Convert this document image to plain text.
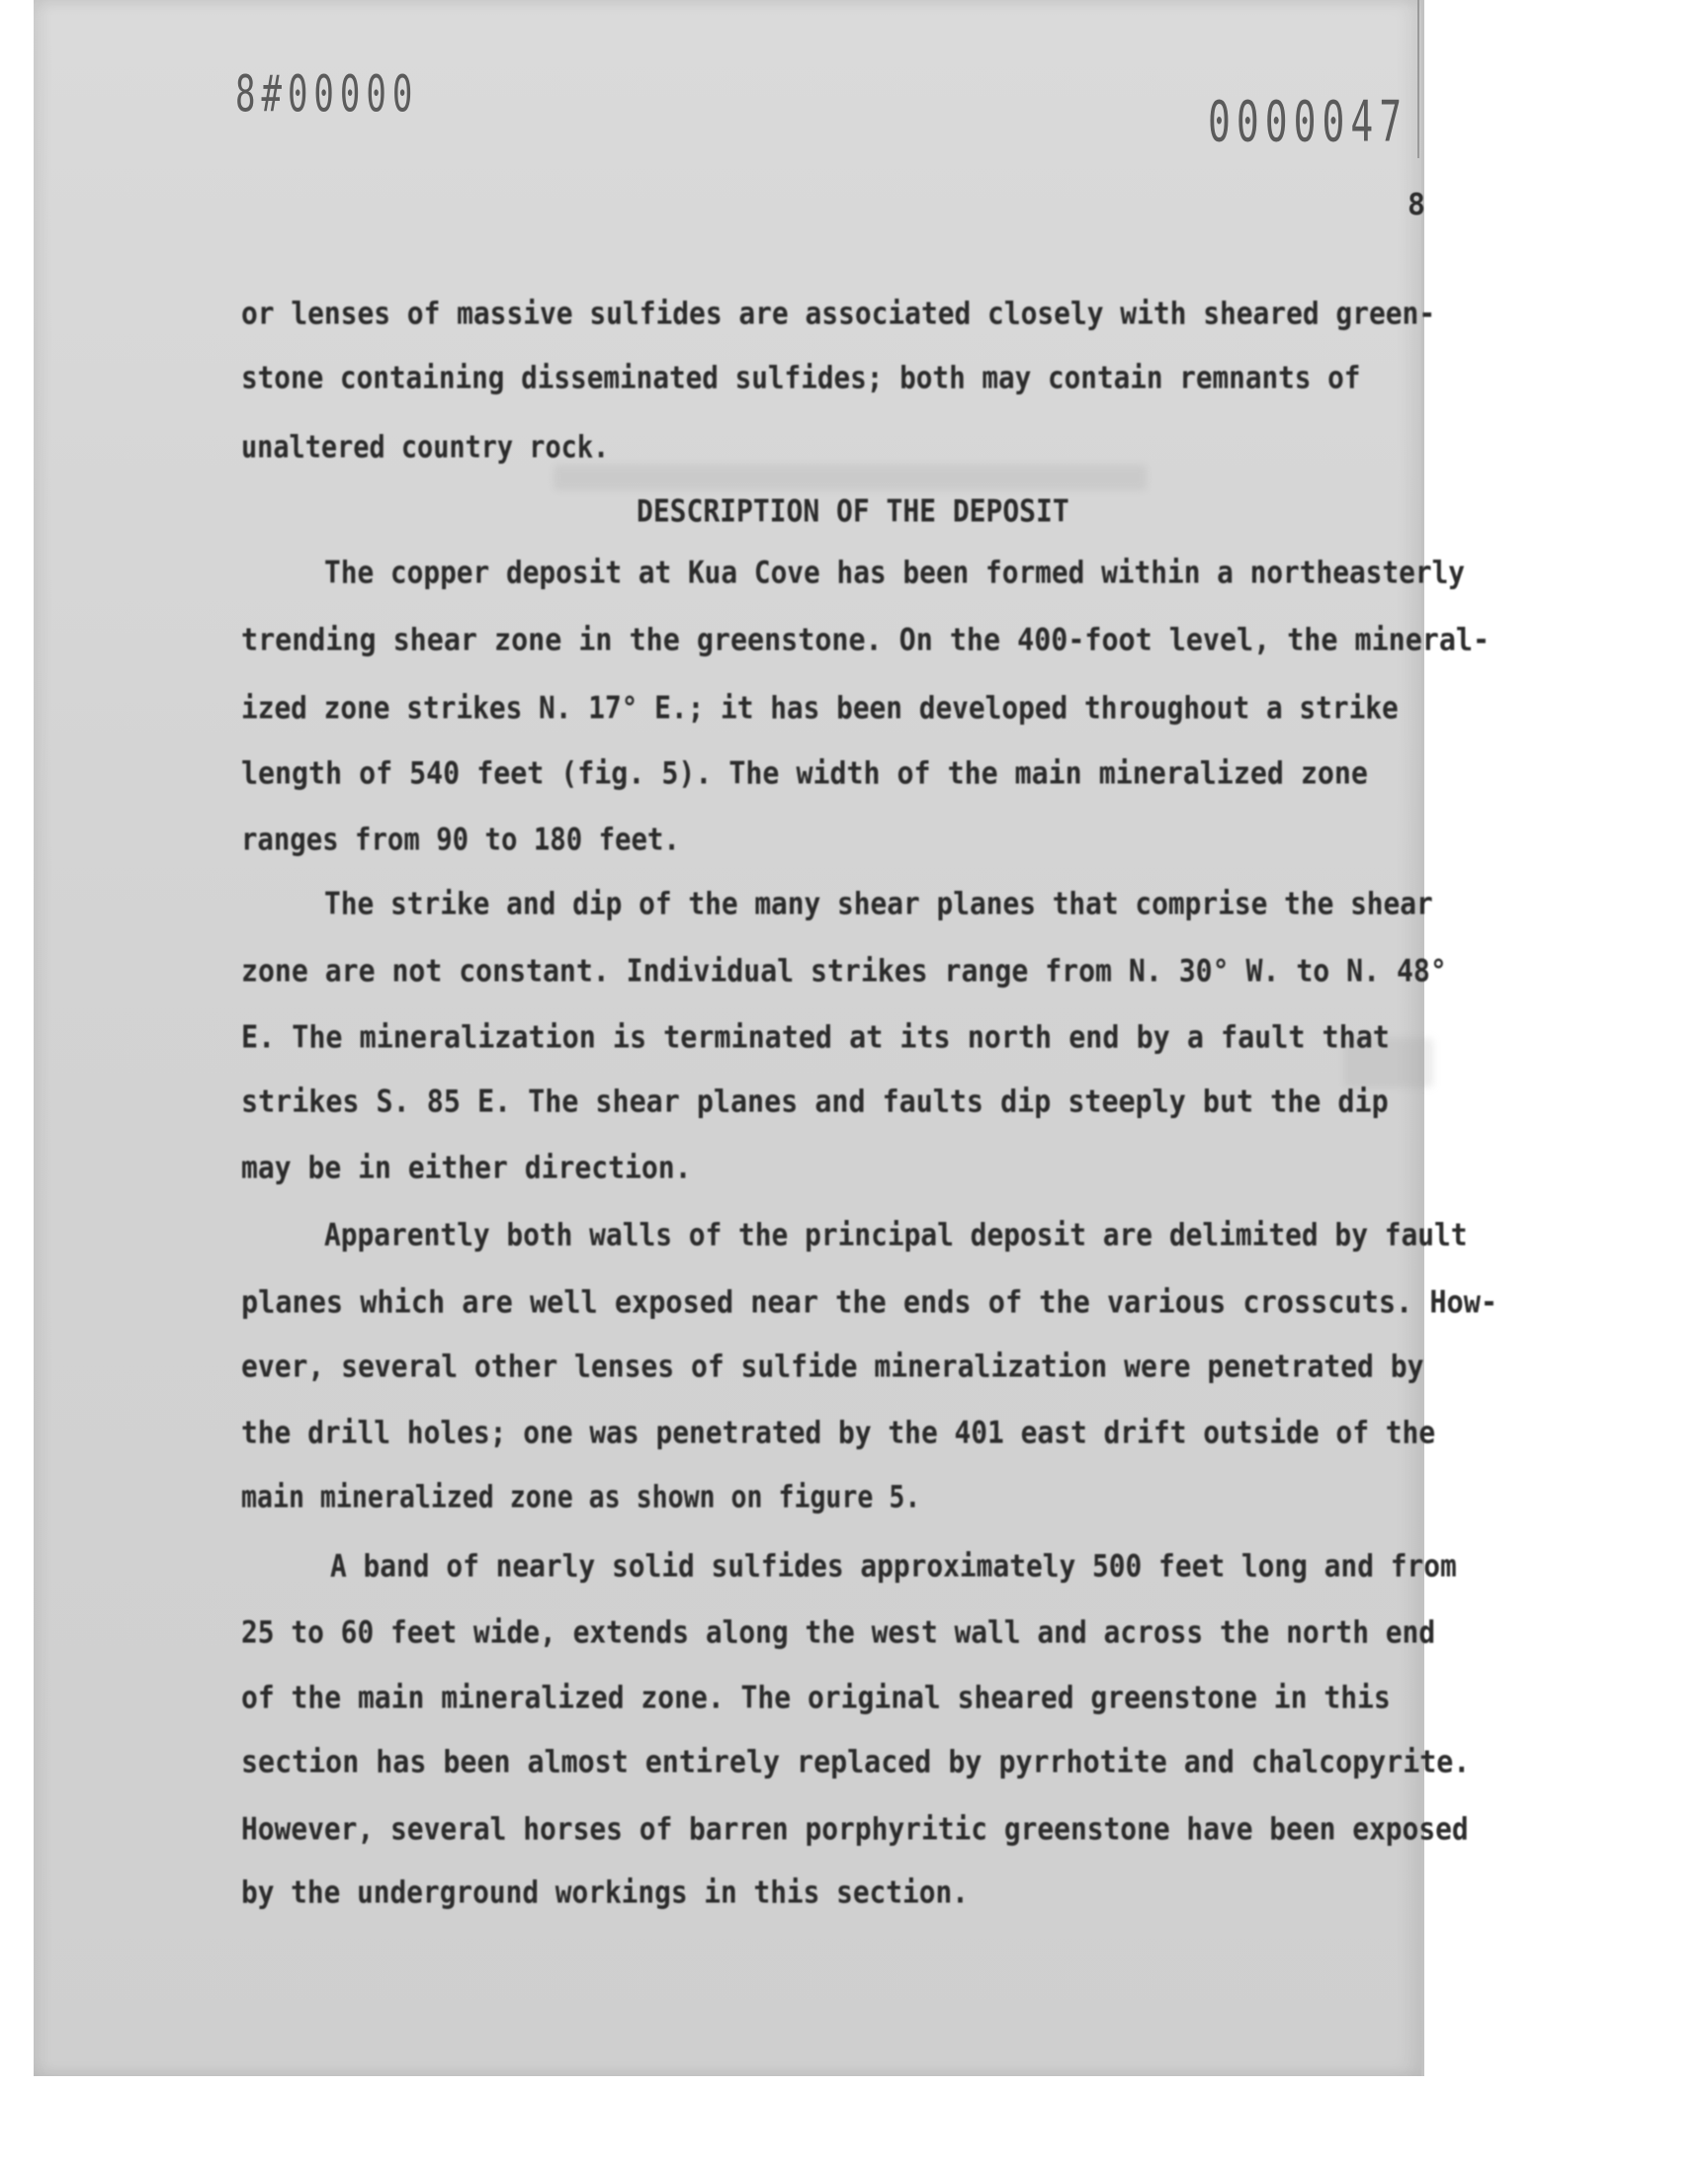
8#00000	0000047
8
or lenses of massive sulfides are associated closely with sheared green-
stone containing disseminated sulfides; both may contain remnants of
unaltered country rock.
DESCRIPTION OF THE DEPOSIT
The copper deposit at Kua Cove has been formed within a northeasterly
trending shear zone in the greenstone. On the 400-foot level, the mineral-
ized zone strikes N. 17° E.; it has been developed throughout a strike
length of 540 feet (fig. 5). The width of the main mineralized zone
ranges from 90 to 180 feet.
The strike and dip of the many shear planes that comprise the shear
zone are not constant. Individual strikes range from N. 30° W. to N. 48°
E. The mineralization is terminated at its north end by a fault that
strikes S. 85 E. The shear planes and faults dip steeply but the dip
may be in either direction.
Apparently both walls of the principal deposit are delimited by fault
planes which are well exposed near the ends of the various crosscuts. How-
ever, several other lenses of sulfide mineralization were penetrated by
the drill holes; one was penetrated by the 401 east drift outside of the
main mineralized zone as shown on figure 5.
A band of nearly solid sulfides approximately 500 feet long and from
25 to 60 feet wide, extends along the west wall and across the north end
of the main mineralized zone. The original sheared greenstone in this
section has been almost entirely replaced by pyrrhotite and chalcopyrite.
However, several horses of barren porphyritic greenstone have been exposed
by the underground workings in this section.
